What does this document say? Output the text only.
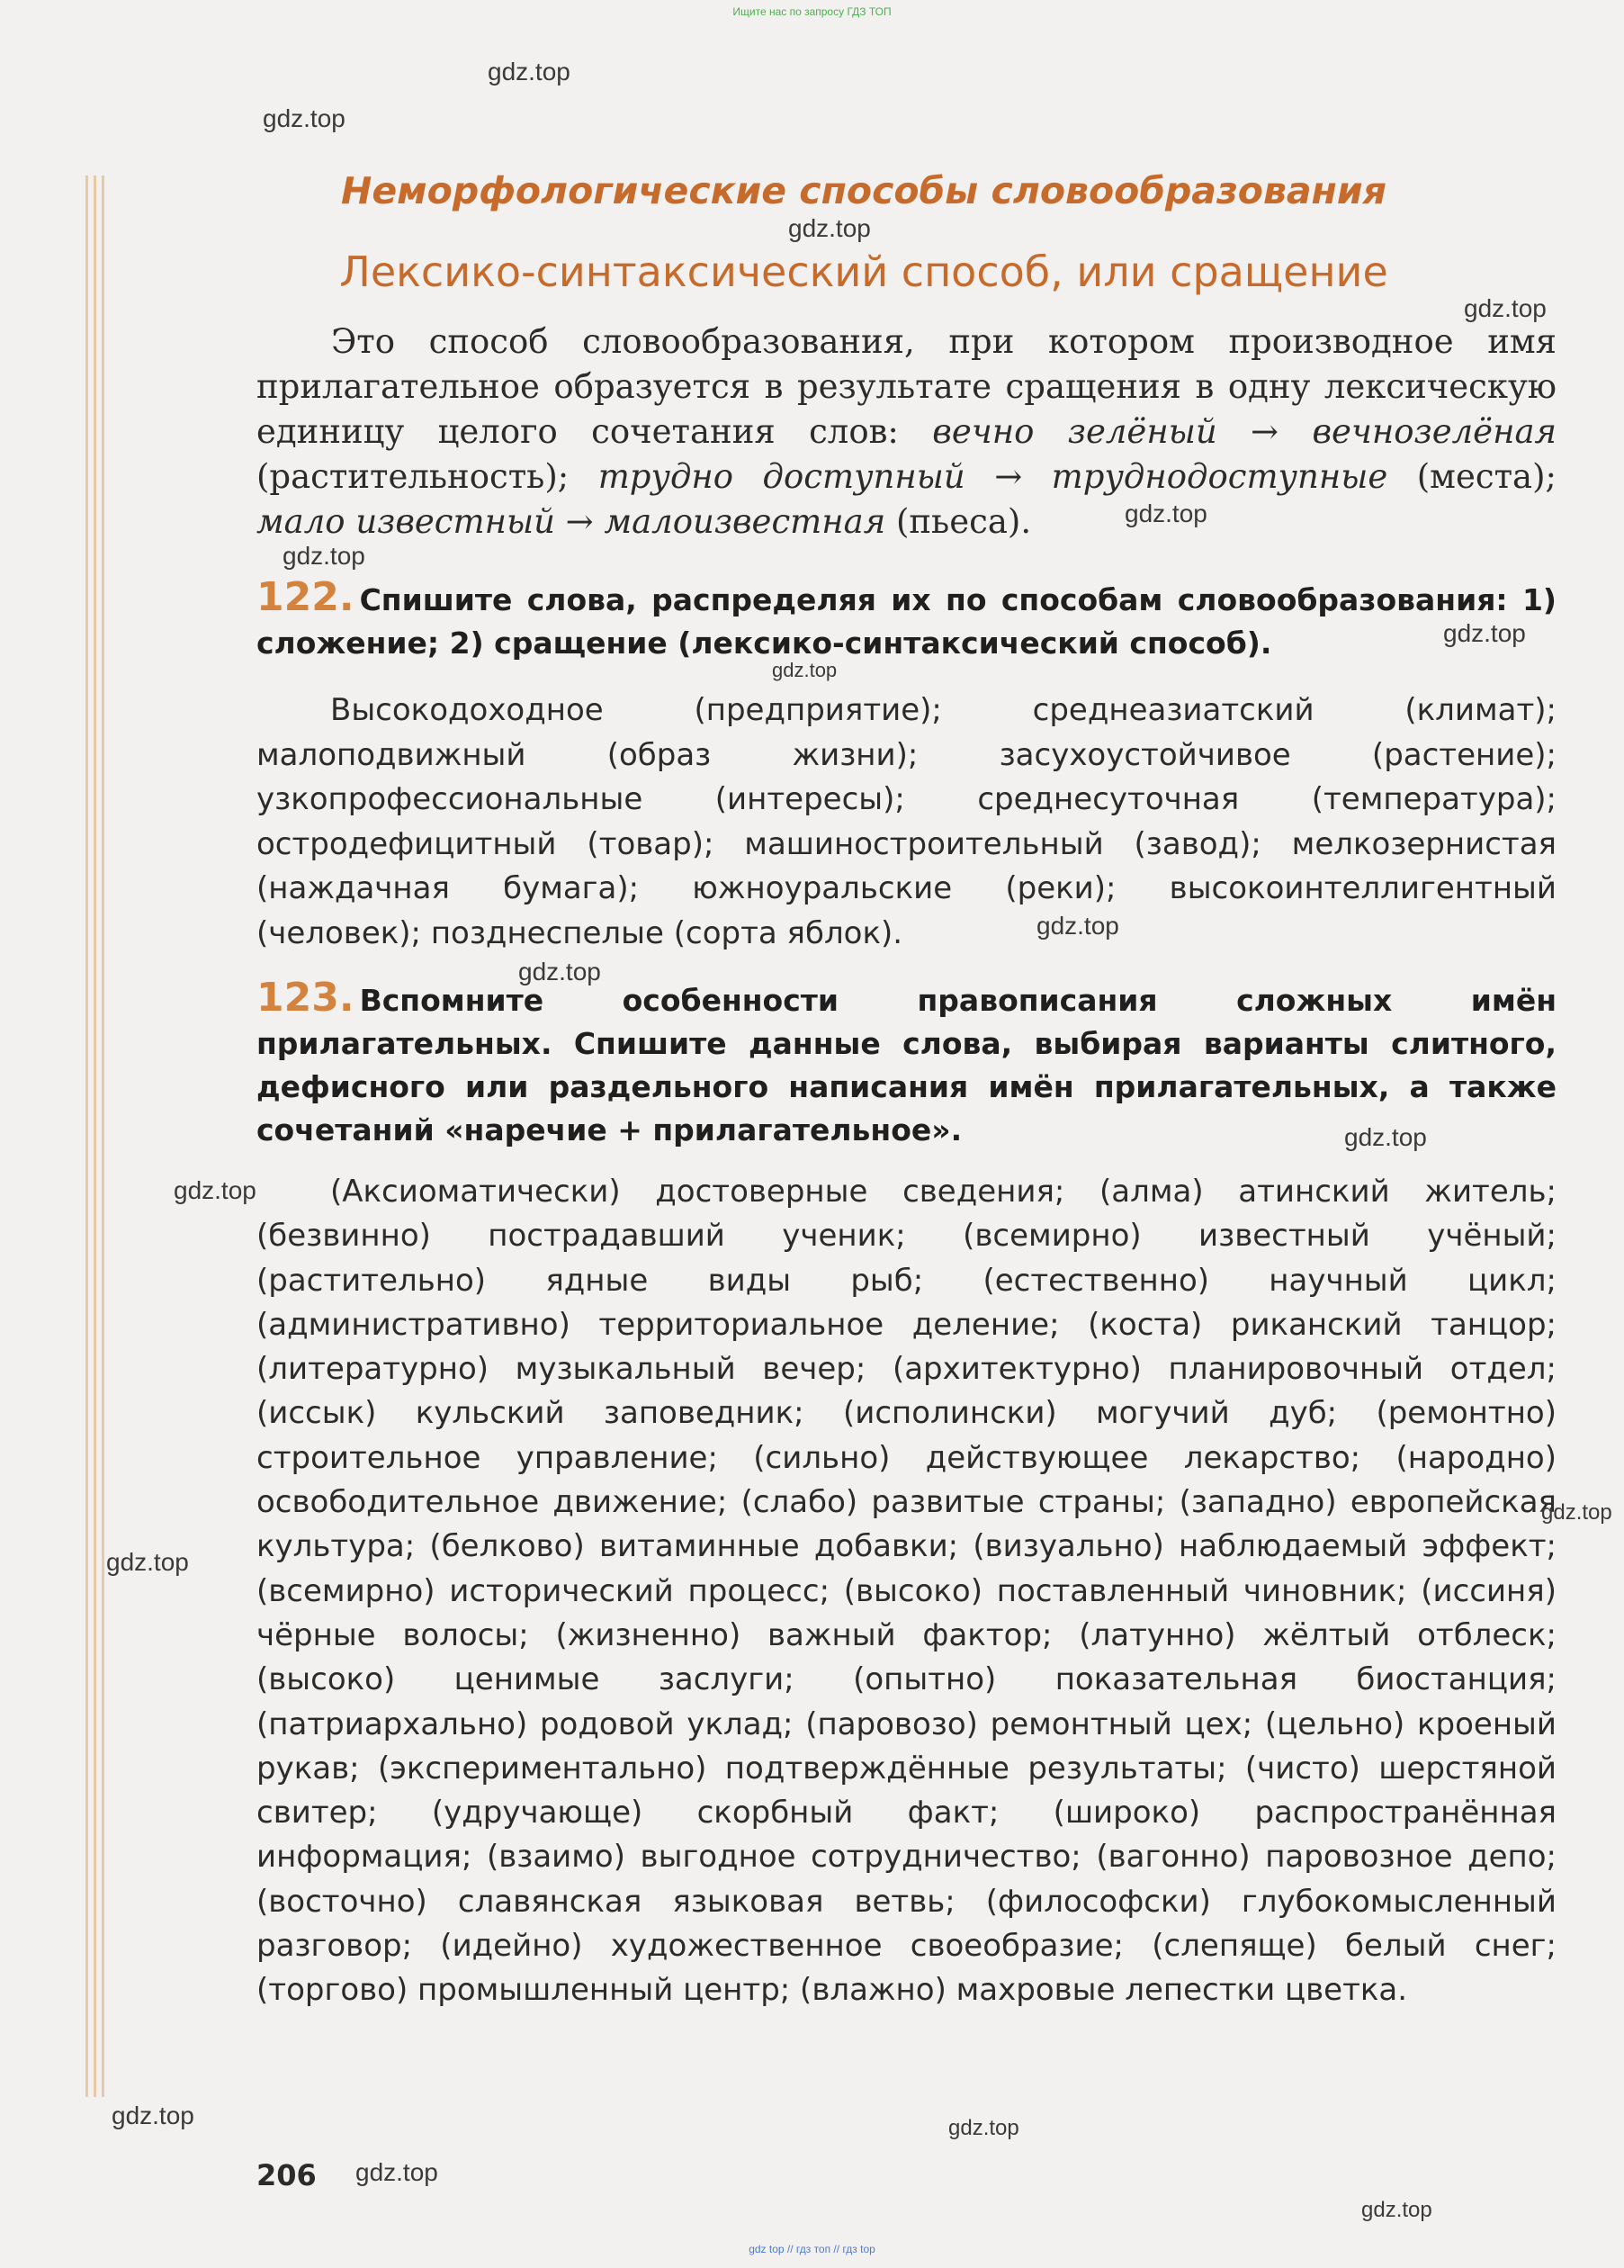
Ищите нас по запросу ГДЗ ТОП
Неморфологические способы словообразования
Лексико-синтаксический способ, или сращение

Это способ словообразования, при котором производное имя прилагательное образуется в результате сращения в одну лексическую единицу целого сочетания слов: вечно зелёный → вечнозелёная (растительность); трудно доступный → труднодоступные (места); мало известный → малоизвестная (пьеса).

122. Спишите слова, распределяя их по способам словообразования: 1) сложение; 2) сращение (лексико-синтаксический способ).

Высокодоходное (предприятие); среднеазиатский (климат); малоподвижный (образ жизни); засухоустойчивое (растение); узкопрофессиональные (интересы); среднесуточная (температура); остродефицитный (товар); машиностроительный (завод); мелкозернистая (наждачная бумага); южноуральские (реки); высокоинтеллигентный (человек); позднеспелые (сорта яблок).

123. Вспомните особенности правописания сложных имён прилагательных. Спишите данные слова, выбирая варианты слитного, дефисного или раздельного написания имён прилагательных, а также сочетаний «наречие + прилагательное».

(Аксиоматически) достоверные сведения; (алма) атинский житель; (безвинно) пострадавший ученик; (всемирно) известный учёный; (растительно) ядные виды рыб; (естественно) научный цикл; (административно) территориальное деление; (коста) риканский танцор; (литературно) музыкальный вечер; (архитектурно) планировочный отдел; (иссык) кульский заповедник; (исполински) могучий дуб; (ремонтно) строительное управление; (сильно) действующее лекарство; (народно) освободительное движение; (слабо) развитые страны; (западно) европейская культура; (белково) витаминные добавки; (визуально) наблюдаемый эффект; (всемирно) исторический процесс; (высоко) поставленный чиновник; (иссиня) чёрные волосы; (жизненно) важный фактор; (латунно) жёлтый отблеск; (высоко) ценимые заслуги; (опытно) показательная биостанция; (патриархально) родовой уклад; (паровозо) ремонтный цех; (цельно) кроеный рукав; (экспериментально) подтверждённые результаты; (чисто) шерстяной свитер; (удручающе) скорбный факт; (широко) распространённая информация; (взаимо) выгодное сотрудничество; (вагонно) паровозное депо; (восточно) славянская языковая ветвь; (философски) глубокомысленный разговор; (идейно) художественное своеобразие; (слепяще) белый снег; (торгово) промышленный центр; (влажно) махровые лепестки цветка.

206
gdz.top
gdz.top
gdz.top
gdz.top
gdz.top
gdz.top
gdz.top
gdz.top
gdz.top
gdz.top
gdz.top
gdz.top
gdz.top
gdz.top
gdz.top	gdz.top
gdz.top
gdz.top
gdz top // гдз топ // гдз top
